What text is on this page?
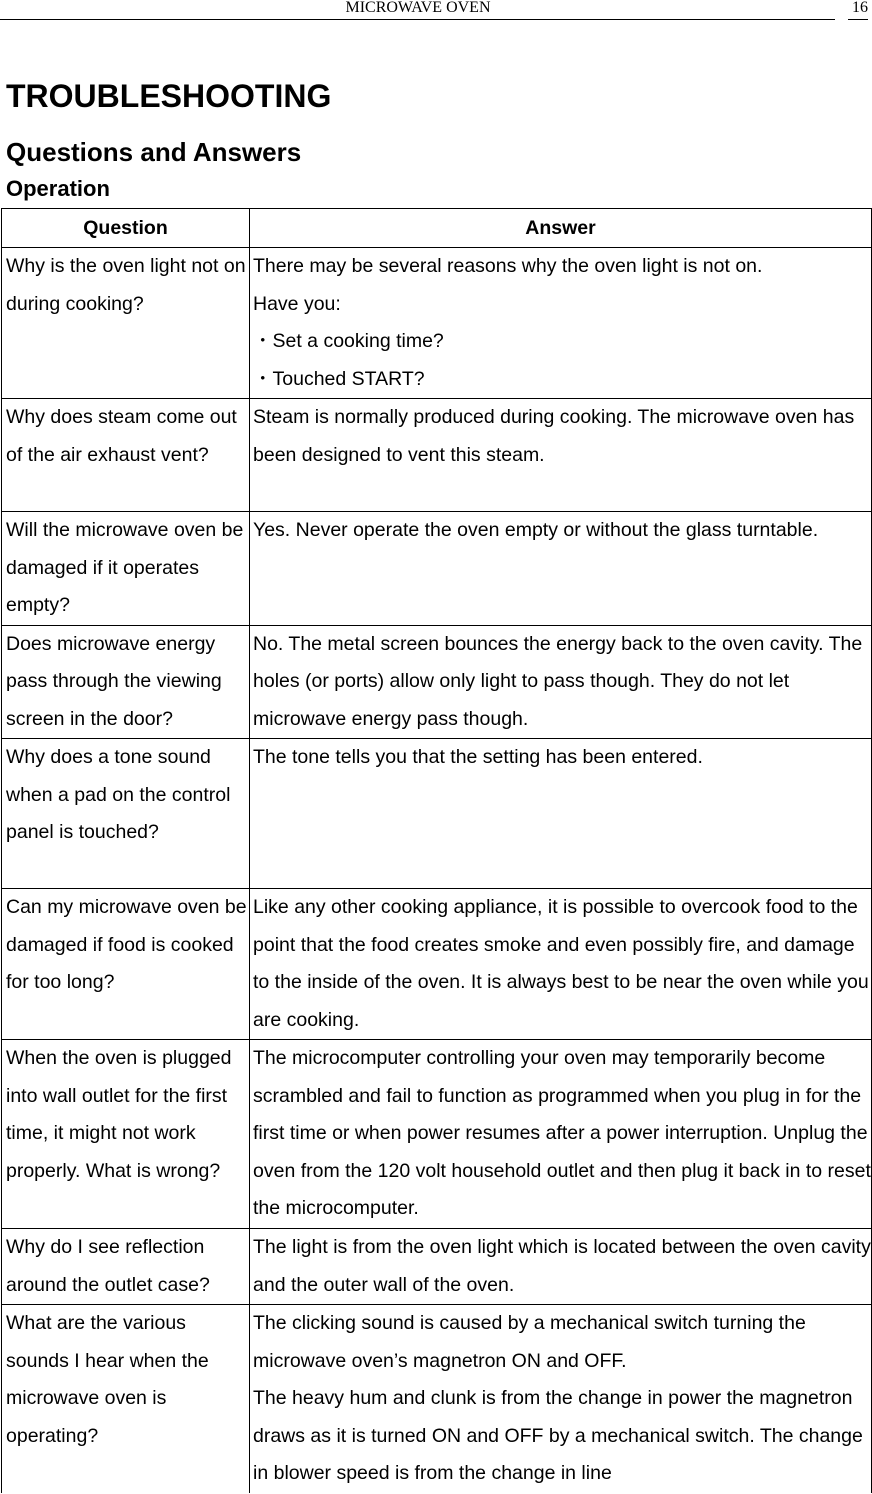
MICROWAVE OVEN	16
TROUBLESHOOTING
Questions and Answers
Operation
Question	Answer
Why is the oven light not on during cooking?	There may be several reasons why the oven light is not on.
Have you:
・Set a cooking time?
・Touched START?

Why does steam come out of the air exhaust vent?	Steam is normally produced during cooking. The microwave oven has been designed to vent this steam.

Will the microwave oven be damaged if it operates empty?	Yes. Never operate the oven empty or without the glass turntable.

Does microwave energy pass through the viewing screen in the door?	No. The metal screen bounces the energy back to the oven cavity. The holes (or ports) allow only light to pass though. They do not let microwave energy pass though.

Why does a tone sound when a pad on the control panel is touched?	The tone tells you that the setting has been entered.

Can my microwave oven be damaged if food is cooked for too long?	Like any other cooking appliance, it is possible to overcook food to the point that the food creates smoke and even possibly fire, and damage to the inside of the oven. It is always best to be near the oven while you are cooking.

When the oven is plugged into wall outlet for the first time, it might not work properly. What is wrong?	The microcomputer controlling your oven may temporarily become scrambled and fail to function as programmed when you plug in for the first time or when power resumes after a power interruption. Unplug the oven from the 120 volt household outlet and then plug it back in to reset the microcomputer.

Why do I see reflection around the outlet case?	The light is from the oven light which is located between the oven cavity and the outer wall of the oven.

What are the various sounds I hear when the microwave oven is operating?	The clicking sound is caused by a mechanical switch turning the microwave oven’s magnetron ON and OFF.
The heavy hum and clunk is from the change in power the magnetron draws as it is turned ON and OFF by a mechanical switch. The change in blower speed is from the change in line
